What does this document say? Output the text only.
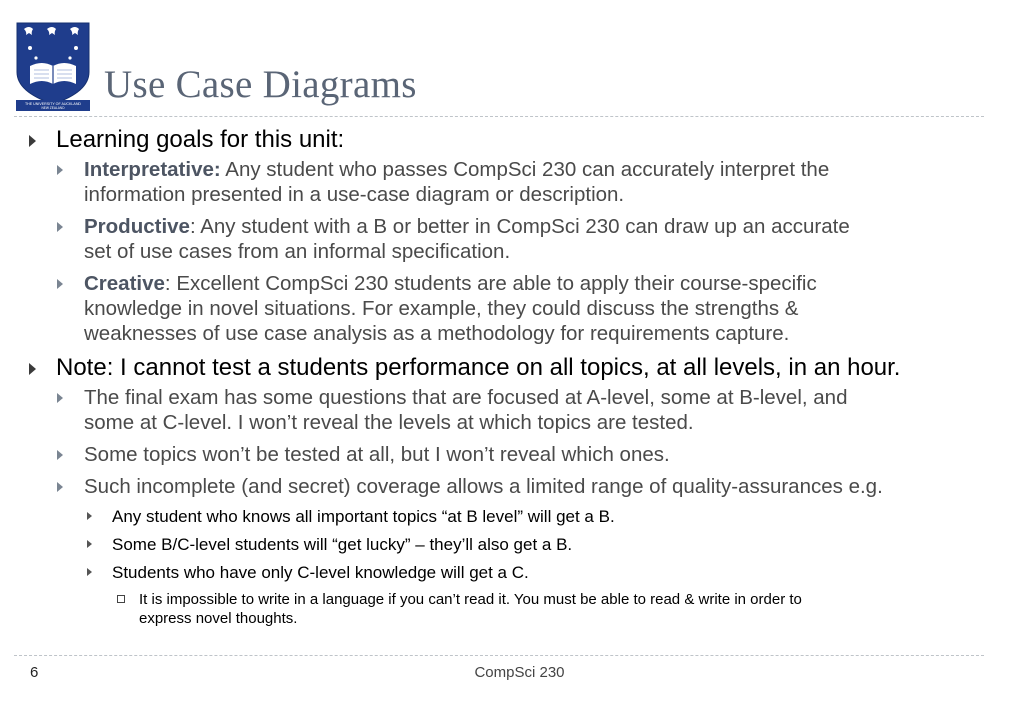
THE UNIVERSITY OF AUCKLAND
NEW ZEALAND
Use Case Diagrams
Learning goals for this unit:
Interpretative: Any student who passes CompSci 230 can accurately interpret the
information presented in a use-case diagram or description.
Productive: Any student with a B or better in CompSci 230 can draw up an accurate
set of use cases from an informal specification.
Creative: Excellent CompSci 230 students are able to apply their course-specific
knowledge in novel situations. For example, they could discuss the strengths &
weaknesses of use case analysis as a methodology for requirements capture.
Note: I cannot test a students performance on all topics, at all levels, in an hour.
The final exam has some questions that are focused at A-level, some at B-level, and
some at C-level. I won’t reveal the levels at which topics are tested.
Some topics won’t be tested at all, but I won’t reveal which ones.
Such incomplete (and secret) coverage allows a limited range of quality-assurances e.g.
Any student who knows all important topics “at B level” will get a B.
Some B/C-level students will “get lucky” – they’ll also get a B.
Students who have only C-level knowledge will get a C.
It is impossible to write in a language if you can’t read it. You must be able to read & write in order to
express novel thoughts.
6	CompSci 230
